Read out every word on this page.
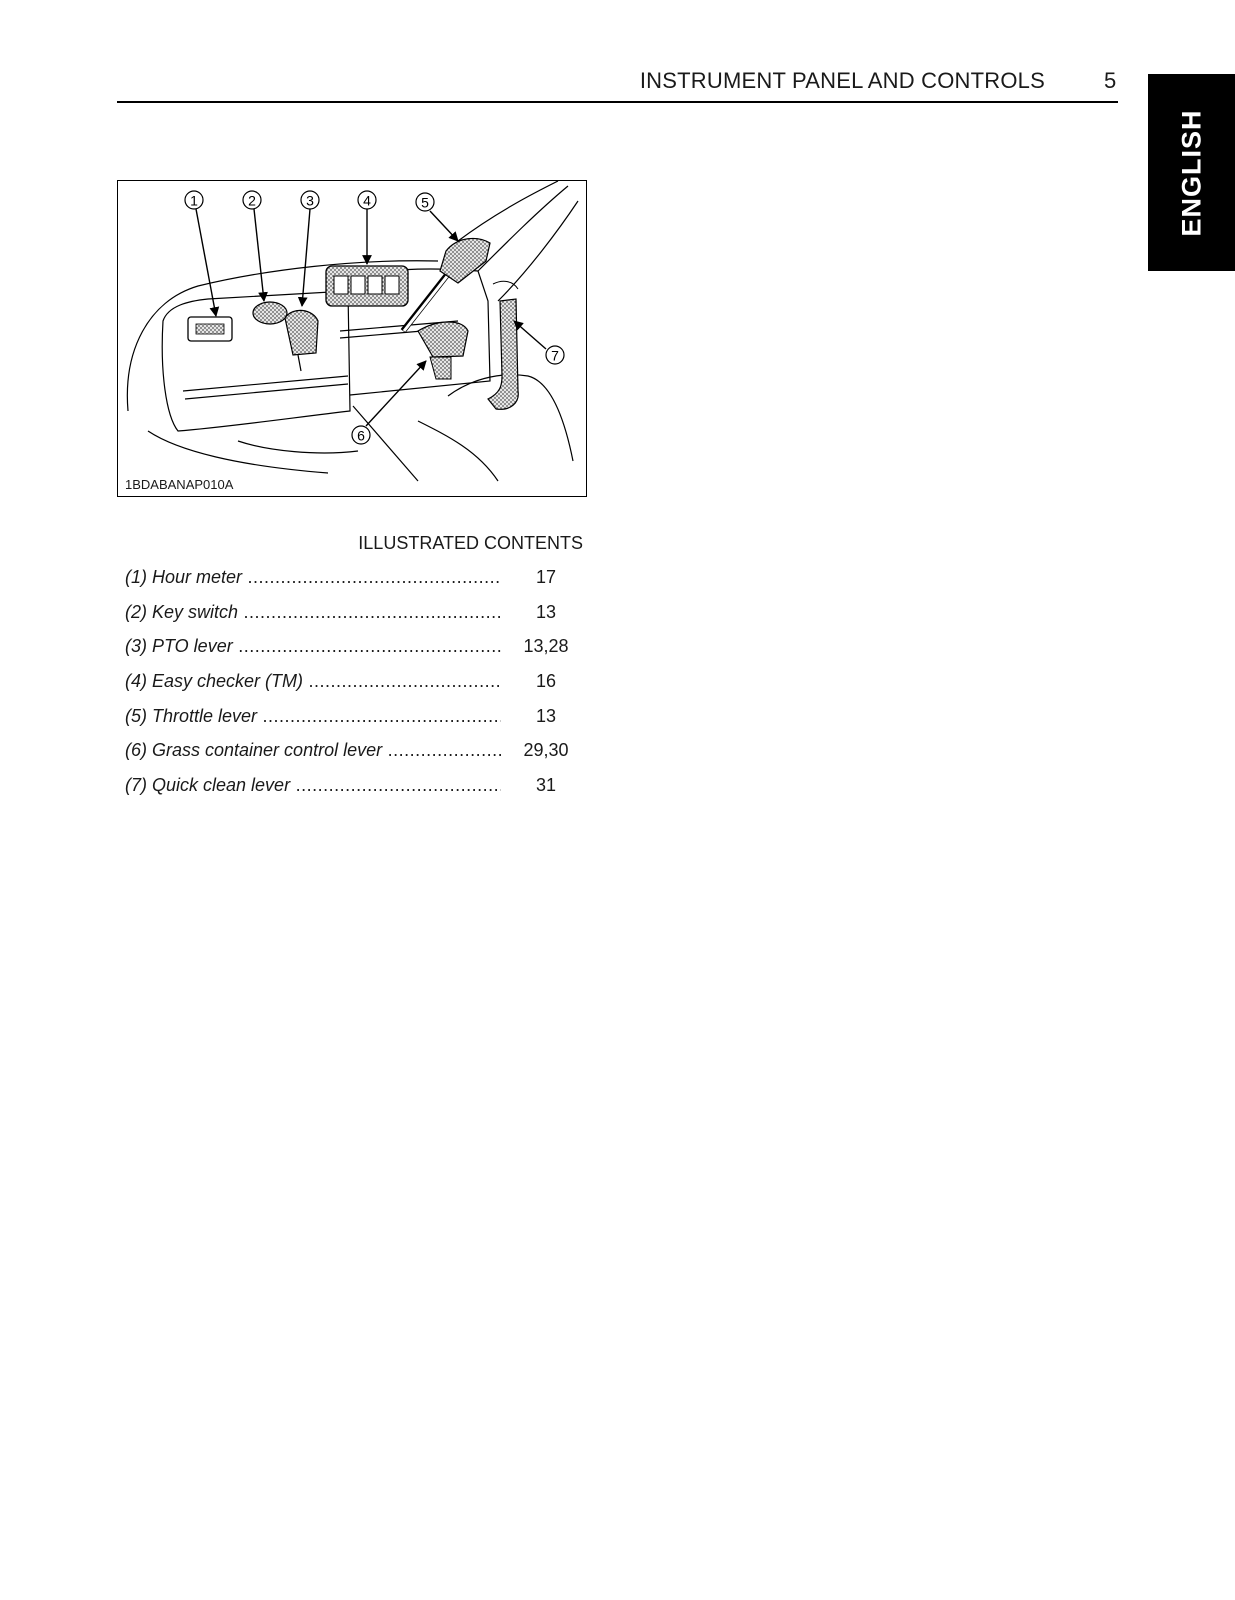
INSTRUMENT PANEL AND CONTROLS	5
ENGLISH
1	2	3	4	5
7
6
1BDABANAP010A
ILLUSTRATED CONTENTS
(1) Hour meter .....	17
(2) Key switch .....	13
(3) PTO lever .....	13,28
(4) Easy checker (TM) .....	16
(5) Throttle lever .....	13
(6) Grass container control lever .....	29,30
(7) Quick clean lever .....	31
